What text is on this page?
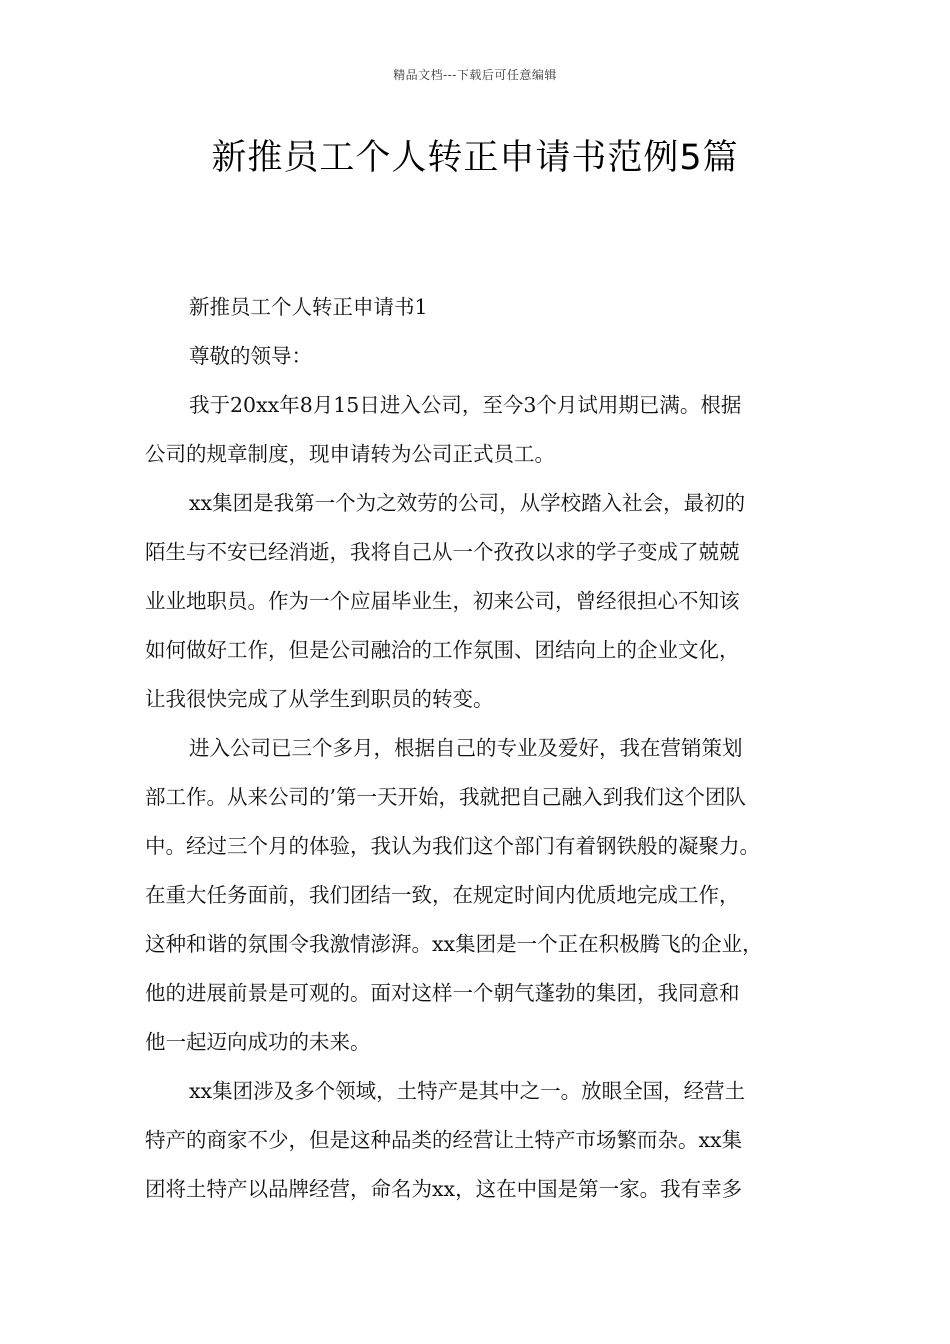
精品文档---下载后可任意编辑
新推员工个人转正申请书范例5篇

新推员工个人转正申请书1

尊敬的领导：

我于20xx年8月15日进入公司，至今3个月试用期已满。根据
公司的规章制度，现申请转为公司正式员工。

xx集团是我第一个为之效劳的公司，从学校踏入社会，最初的
陌生与不安已经消逝，我将自己从一个孜孜以求的学子变成了兢兢
业业地职员。作为一个应届毕业生，初来公司，曾经很担心不知该
如何做好工作，但是公司融洽的工作氛围、团结向上的企业文化，
让我很快完成了从学生到职员的转变。

进入公司已三个多月，根据自己的专业及爱好，我在营销策划
部工作。从来公司的’第一天开始，我就把自己融入到我们这个团队
中。经过三个月的体验，我认为我们这个部门有着钢铁般的凝聚力。
在重大任务面前，我们团结一致，在规定时间内优质地完成工作，
这种和谐的氛围令我激情澎湃。xx集团是一个正在积极腾飞的企业，
他的进展前景是可观的。面对这样一个朝气蓬勃的集团，我同意和
他一起迈向成功的未来。

xx集团涉及多个领域，土特产是其中之一。放眼全国，经营土
特产的商家不少，但是这种品类的经营让土特产市场繁而杂。xx集
团将土特产以品牌经营，命名为xx，这在中国是第一家。我有幸多
